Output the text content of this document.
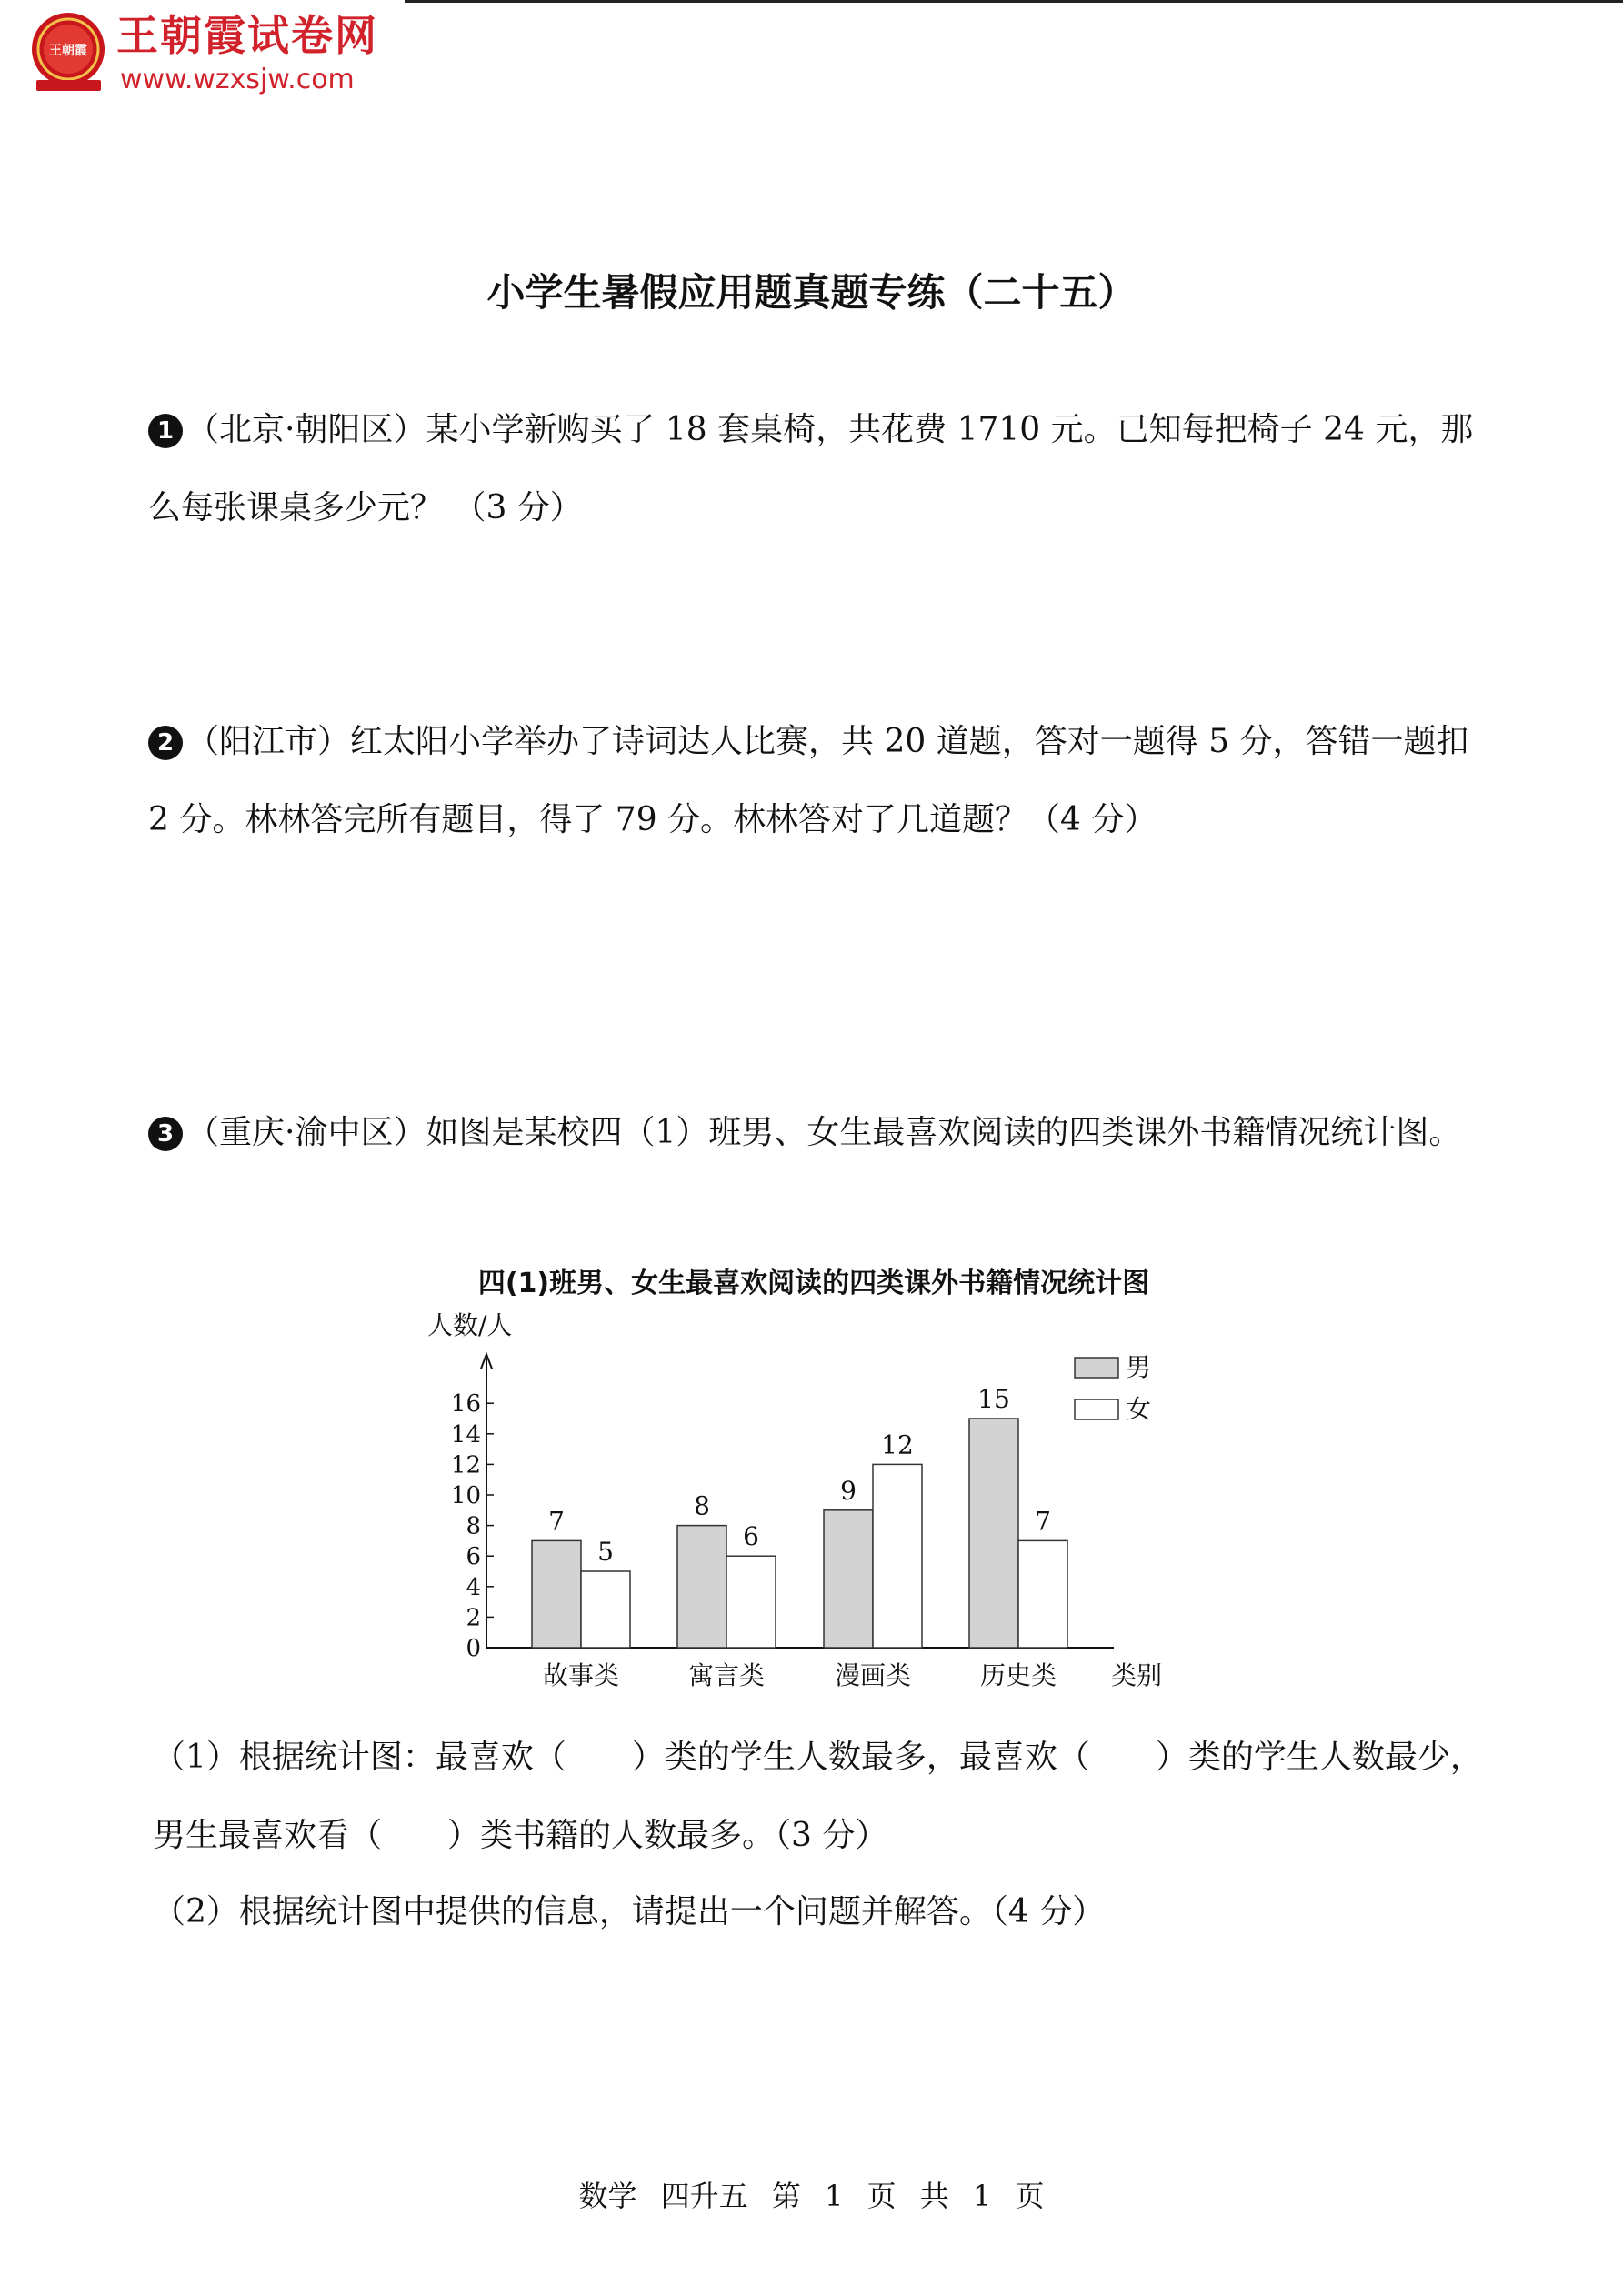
王朝霞 王朝霞试卷网
www.wzxsjw.com
小学生暑假应用题真题专练（二十五）

1 （北京·朝阳区）某小学新购买了 18 套桌椅，共花费 1710 元。已知每把椅子 24 元，那么每张课桌多少元？ （3 分）

2 （阳江市）红太阳小学举办了诗词达人比赛，共 20 道题，答对一题得 5 分，答错一题扣 2 分。林林答完所有题目，得了 79 分。林林答对了几道题？（4 分）

3 （重庆·渝中区）如图是某校四（1）班男、女生最喜欢阅读的四类课外书籍情况统计图。

四(1)班男、女生最喜欢阅读的四类课外书籍情况统计图
人数/人
0
2
4
6
8
10
12
14
16
7
5
故事类
8
6
寓言类
9
12
漫画类
15
7
历史类 类别
男
女

（1）根据统计图：最喜欢（　　）类的学生人数最多，最喜欢（　　）类的学生人数最少，男生最喜欢看（　　）类书籍的人数最多。（3 分）

（2）根据统计图中提供的信息，请提出一个问题并解答。（4 分）

数学 四升五 第 1 页 共 1 页
